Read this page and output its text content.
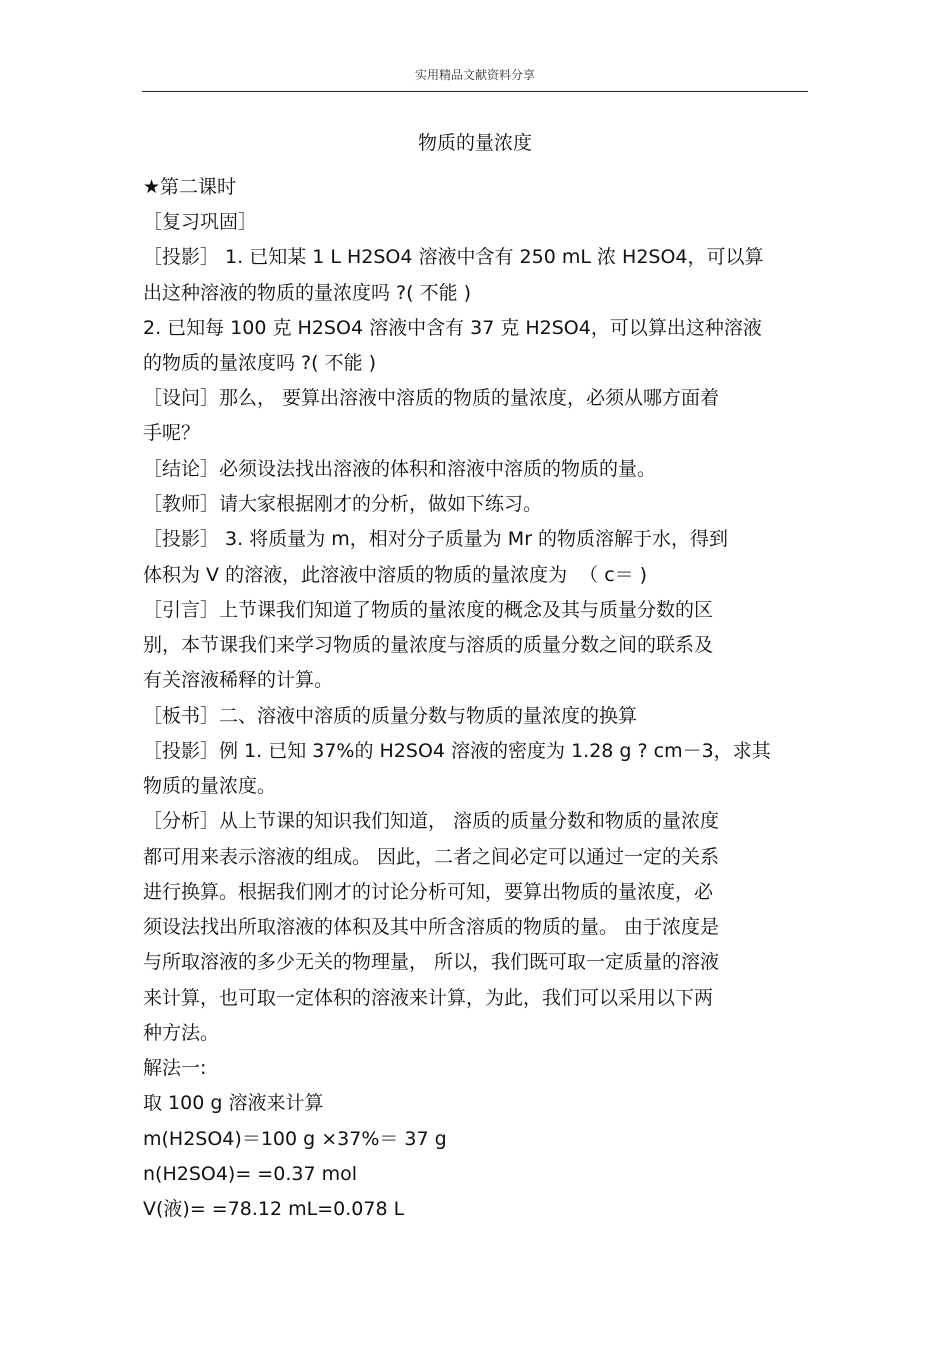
实用精品文献资料分享
物质的量浓度
★第二课时
［复习巩固］
［投影］ 1. 已知某 1 L H2SO4 溶液中含有 250 mL 浓 H2SO4，可以算
出这种溶液的物质的量浓度吗 ?( 不能 )
2. 已知每 100 克 H2SO4 溶液中含有 37 克 H2SO4，可以算出这种溶液
的物质的量浓度吗 ?( 不能 )
［设问］那么， 要算出溶液中溶质的物质的量浓度，必须从哪方面着
手呢？
［结论］必须设法找出溶液的体积和溶液中溶质的物质的量。
［教师］请大家根据刚才的分析，做如下练习。
［投影］ 3. 将质量为 m，相对分子质量为 Mr 的物质溶解于水，得到
体积为 V 的溶液，此溶液中溶质的物质的量浓度为  （ c＝ )
［引言］上节课我们知道了物质的量浓度的概念及其与质量分数的区
别，本节课我们来学习物质的量浓度与溶质的质量分数之间的联系及
有关溶液稀释的计算。
［板书］二、溶液中溶质的质量分数与物质的量浓度的换算
［投影］例 1. 已知 37%的 H2SO4 溶液的密度为 1.28 g ? cm－3，求其
物质的量浓度。
［分析］从上节课的知识我们知道， 溶质的质量分数和物质的量浓度
都可用来表示溶液的组成。 因此，二者之间必定可以通过一定的关系
进行换算。根据我们刚才的讨论分析可知，要算出物质的量浓度，必
须设法找出所取溶液的体积及其中所含溶质的物质的量。 由于浓度是
与所取溶液的多少无关的物理量， 所以，我们既可取一定质量的溶液
来计算，也可取一定体积的溶液来计算，为此，我们可以采用以下两
种方法。
解法一:
取 100 g 溶液来计算
m(H2SO4)＝100 g ×37%＝ 37 g
n(H2SO4)= =0.37 mol
V(液)= =78.12 mL=0.078 L
